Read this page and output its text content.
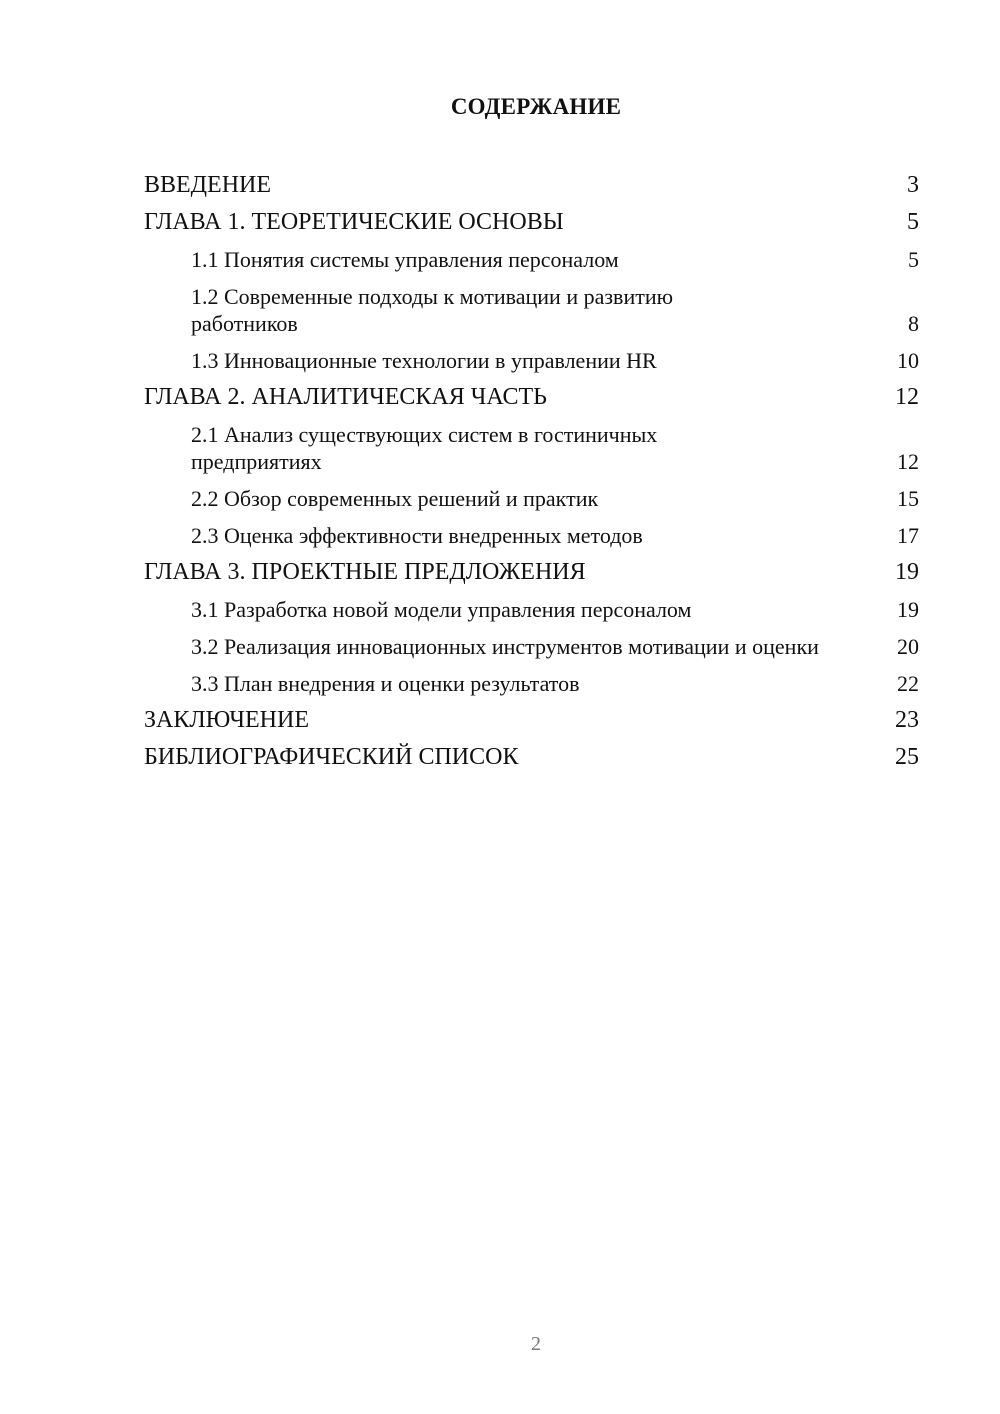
СОДЕРЖАНИЕ
ВВЕДЕНИЕ	3
ГЛАВА 1. ТЕОРЕТИЧЕСКИЕ ОСНОВЫ	5
1.1 Понятия системы управления персоналом	5
1.2 Современные подходы к мотивации и развитию работников	8
1.3 Инновационные технологии в управлении HR	10
ГЛАВА 2. АНАЛИТИЧЕСКАЯ ЧАСТЬ	12
2.1 Анализ существующих систем в гостиничных предприятиях	12
2.2 Обзор современных решений и практик	15
2.3 Оценка эффективности внедренных методов	17
ГЛАВА 3. ПРОЕКТНЫЕ ПРЕДЛОЖЕНИЯ	19
3.1 Разработка новой модели управления персоналом	19
3.2 Реализация инновационных инструментов мотивации и оценки	20
3.3 План внедрения и оценки результатов	22
ЗАКЛЮЧЕНИЕ	23
БИБЛИОГРАФИЧЕСКИЙ СПИСОК	25
2
